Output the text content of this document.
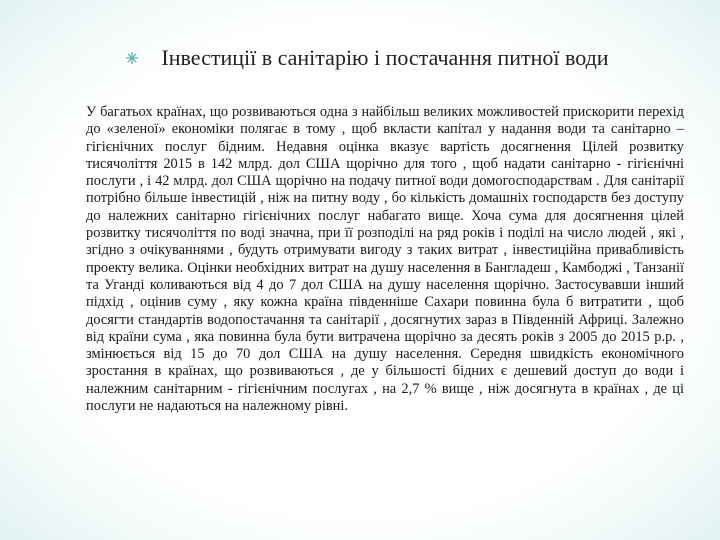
Інвестиції в санітарію і постачання питної води

У багатьох країнах, що розвиваються одна з найбільш великих можливостей прискорити перехід до «зеленої» економіки полягає в тому , щоб вкласти капітал у надання води та санітарно – гігієнічних послуг бідним. Недавня оцінка вказує вартість досягнення Цілей розвитку тисячоліття 2015 в 142 млрд. дол США щорічно для того , щоб надати санітарно - гігієнічні послуги , і 42 млрд. дол США щорічно на подачу питної води домогосподарствам . Для санітарії потрібно більше інвестицій , ніж на питну воду , бо кількість домашніх господарств без доступу до належних санітарно гігієнічних послуг набагато вище. Хоча сума для досягнення цілей розвитку тисячоліття по воді значна, при її розподілі на ряд років і поділі на число людей , які , згідно з очікуваннями , будуть отримувати вигоду з таких витрат , інвестиційна привабливість проекту велика. Оцінки необхідних витрат на душу населення в Бангладеш , Камбоджі , Танзанії та Уганді коливаються від 4 до 7 дол США на душу населення щорічно. Застосувавши інший підхід , оцінив суму , яку кожна країна південніше Сахари повинна була б витратити , щоб досягти стандартів водопостачання та санітарії , досягнутих зараз в Південній Африці. Залежно від країни сума , яка повинна була бути витрачена щорічно за десять років з 2005 до 2015 р.р. , змінюється від 15 до 70 дол США на душу населення. Середня швидкість економічного зростання в країнах, що розвиваються , де у більшості бідних є дешевий доступ до води і належним санітарним - гігієнічним послугах , на 2,7 % вище , ніж досягнута в країнах , де ці послуги не надаються на належному рівні.
